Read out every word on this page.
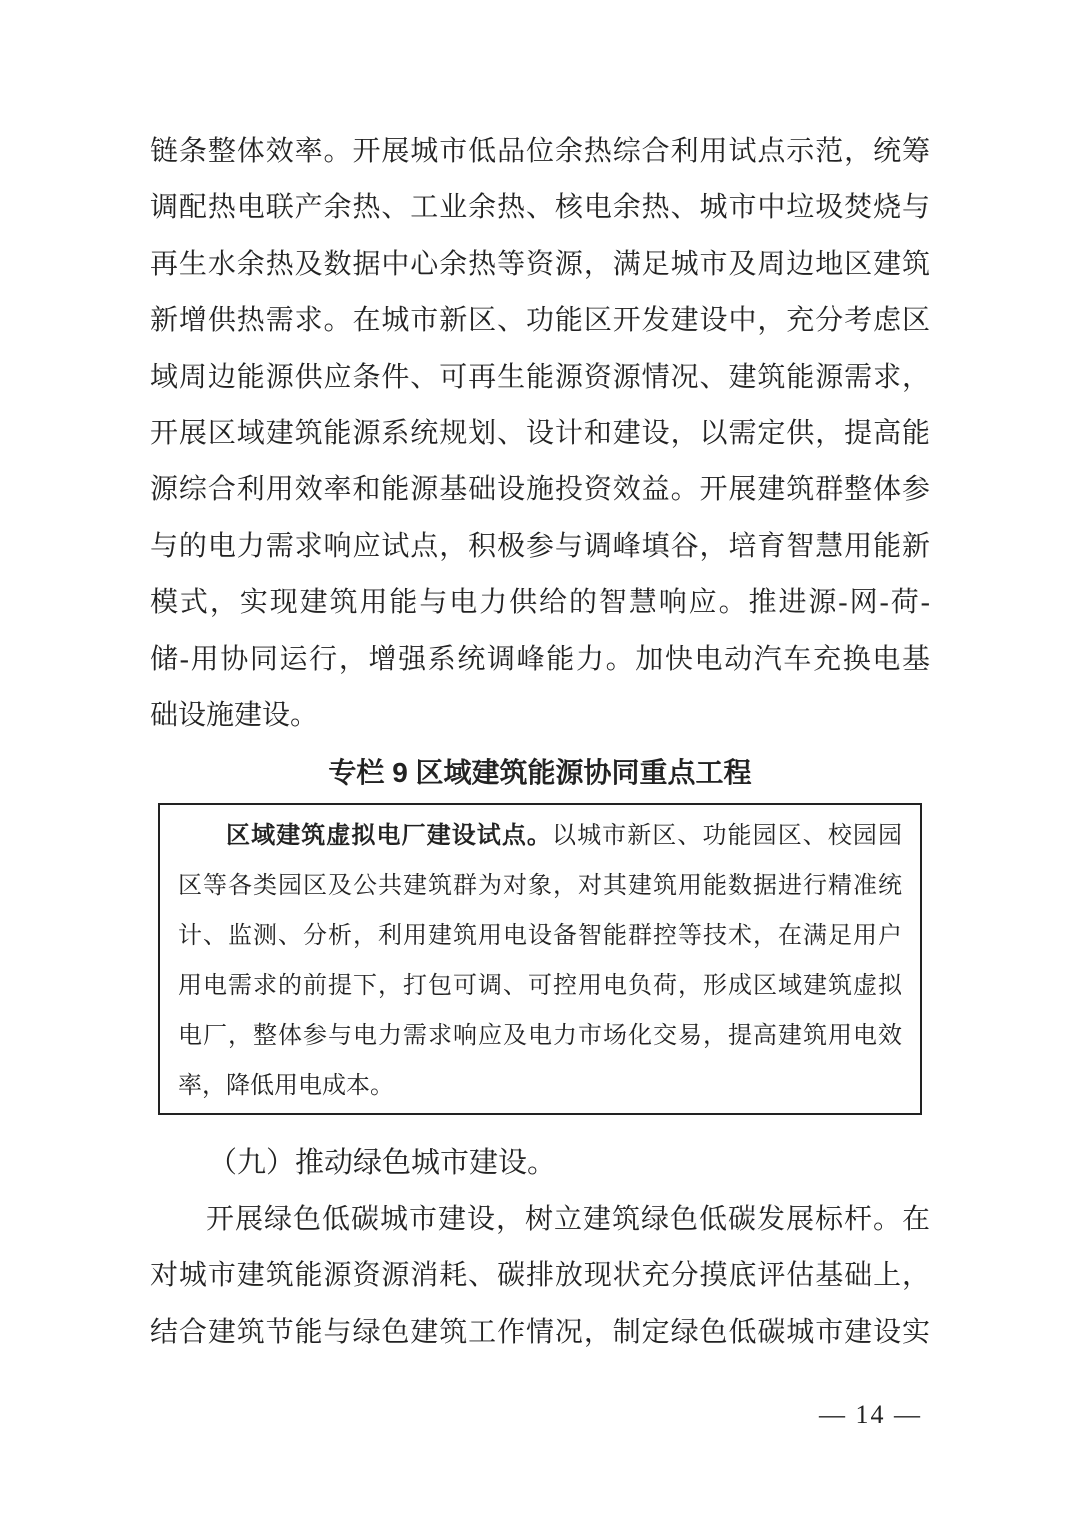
链条整体效率。开展城市低品位余热综合利用试点示范，统筹
调配热电联产余热、工业余热、核电余热、城市中垃圾焚烧与
再生水余热及数据中心余热等资源，满足城市及周边地区建筑
新增供热需求。在城市新区、功能区开发建设中，充分考虑区
域周边能源供应条件、可再生能源资源情况、建筑能源需求，
开展区域建筑能源系统规划、设计和建设，以需定供，提高能
源综合利用效率和能源基础设施投资效益。开展建筑群整体参
与的电力需求响应试点，积极参与调峰填谷，培育智慧用能新
模式，实现建筑用能与电力供给的智慧响应。推进源-网-荷-
储-用协同运行，增强系统调峰能力。加快电动汽车充换电基
础设施建设。
专栏 9 区域建筑能源协同重点工程
区域建筑虚拟电厂建设试点。以城市新区、功能园区、校园园
区等各类园区及公共建筑群为对象，对其建筑用能数据进行精准统
计、监测、分析，利用建筑用电设备智能群控等技术，在满足用户
用电需求的前提下，打包可调、可控用电负荷，形成区域建筑虚拟
电厂，整体参与电力需求响应及电力市场化交易，提高建筑用电效
率，降低用电成本。
（九）推动绿色城市建设。
开展绿色低碳城市建设，树立建筑绿色低碳发展标杆。在
对城市建筑能源资源消耗、碳排放现状充分摸底评估基础上，
结合建筑节能与绿色建筑工作情况，制定绿色低碳城市建设实
— 14 —
